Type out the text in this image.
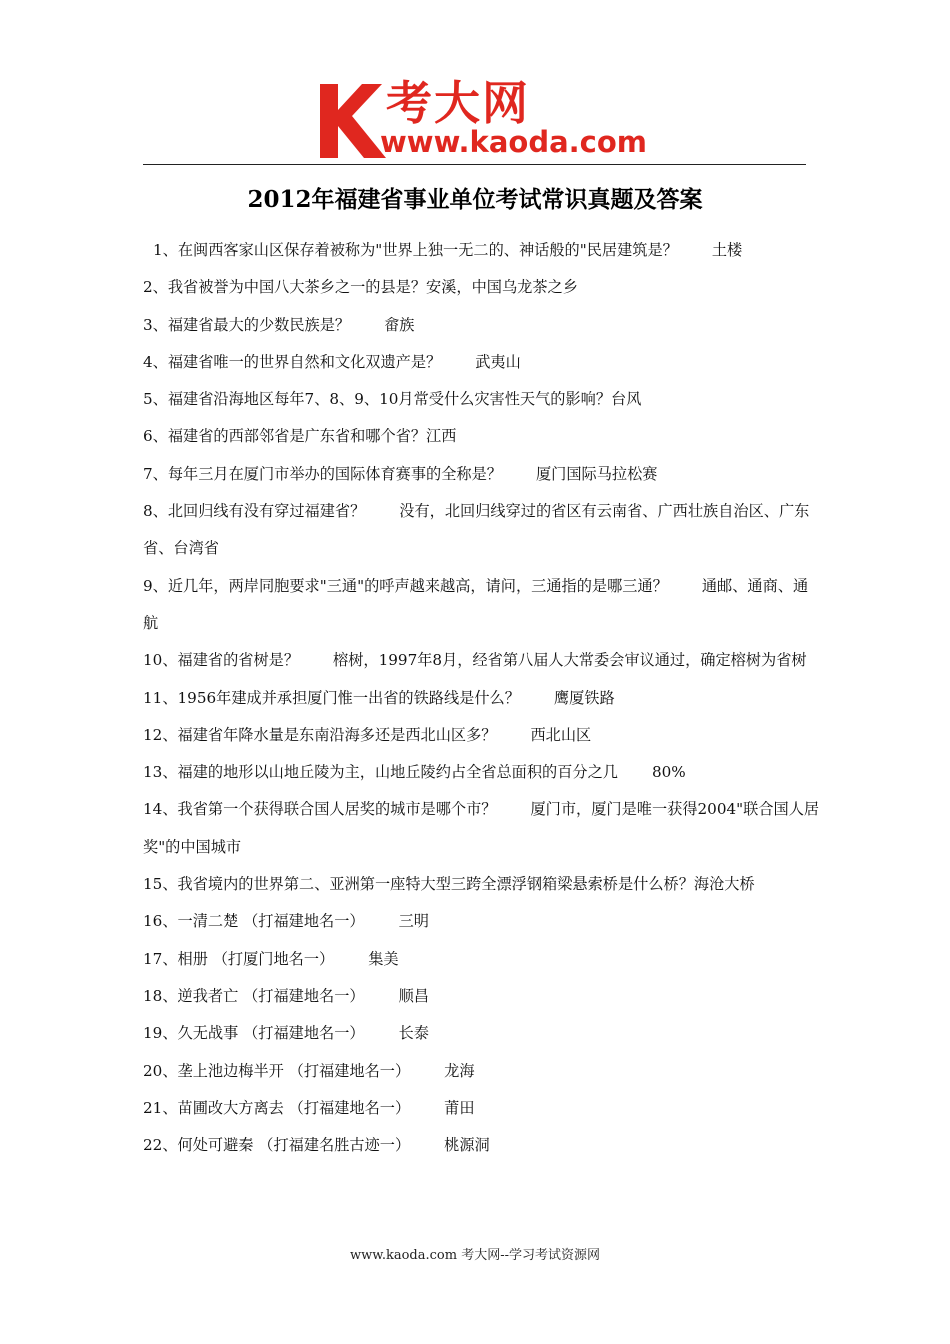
考大网
www.kaoda.com
2012年福建省事业单位考试常识真题及答案
1、在闽西客家山区保存着被称为"世界上独一无二的、神话般的"民居建筑是？ 土楼
2、我省被誉为中国八大茶乡之一的县是？安溪，中国乌龙茶之乡
3、福建省最大的少数民族是？ 畲族
4、福建省唯一的世界自然和文化双遗产是？ 武夷山
5、福建省沿海地区每年7、8、9、10月常受什么灾害性天气的影响？台风
6、福建省的西部邻省是广东省和哪个省？江西
7、每年三月在厦门市举办的国际体育赛事的全称是？ 厦门国际马拉松赛
8、北回归线有没有穿过福建省？ 没有，北回归线穿过的省区有云南省、广西壮族自治区、广东省、台湾省
9、近几年，两岸同胞要求"三通"的呼声越来越高，请问，三通指的是哪三通？ 通邮、通商、通航
10、福建省的省树是？ 榕树，1997年8月，经省第八届人大常委会审议通过，确定榕树为省树
11、1956年建成并承担厦门惟一出省的铁路线是什么？ 鹰厦铁路
12、福建省年降水量是东南沿海多还是西北山区多？ 西北山区
13、福建的地形以山地丘陵为主，山地丘陵约占全省总面积的百分之几 80%
14、我省第一个获得联合国人居奖的城市是哪个市？ 厦门市，厦门是唯一获得2004"联合国人居奖"的中国城市
15、我省境内的世界第二、亚洲第一座特大型三跨全漂浮钢箱梁悬索桥是什么桥？海沧大桥
16、一清二楚 （打福建地名一） 三明
17、相册 （打厦门地名一） 集美
18、逆我者亡 （打福建地名一） 顺昌
19、久无战事 （打福建地名一） 长泰
20、垄上池边梅半开 （打福建地名一） 龙海
21、苗圃改大方离去 （打福建地名一） 莆田
22、何处可避秦 （打福建名胜古迹一） 桃源洞
www.kaoda.com 考大网--学习考试资源网
